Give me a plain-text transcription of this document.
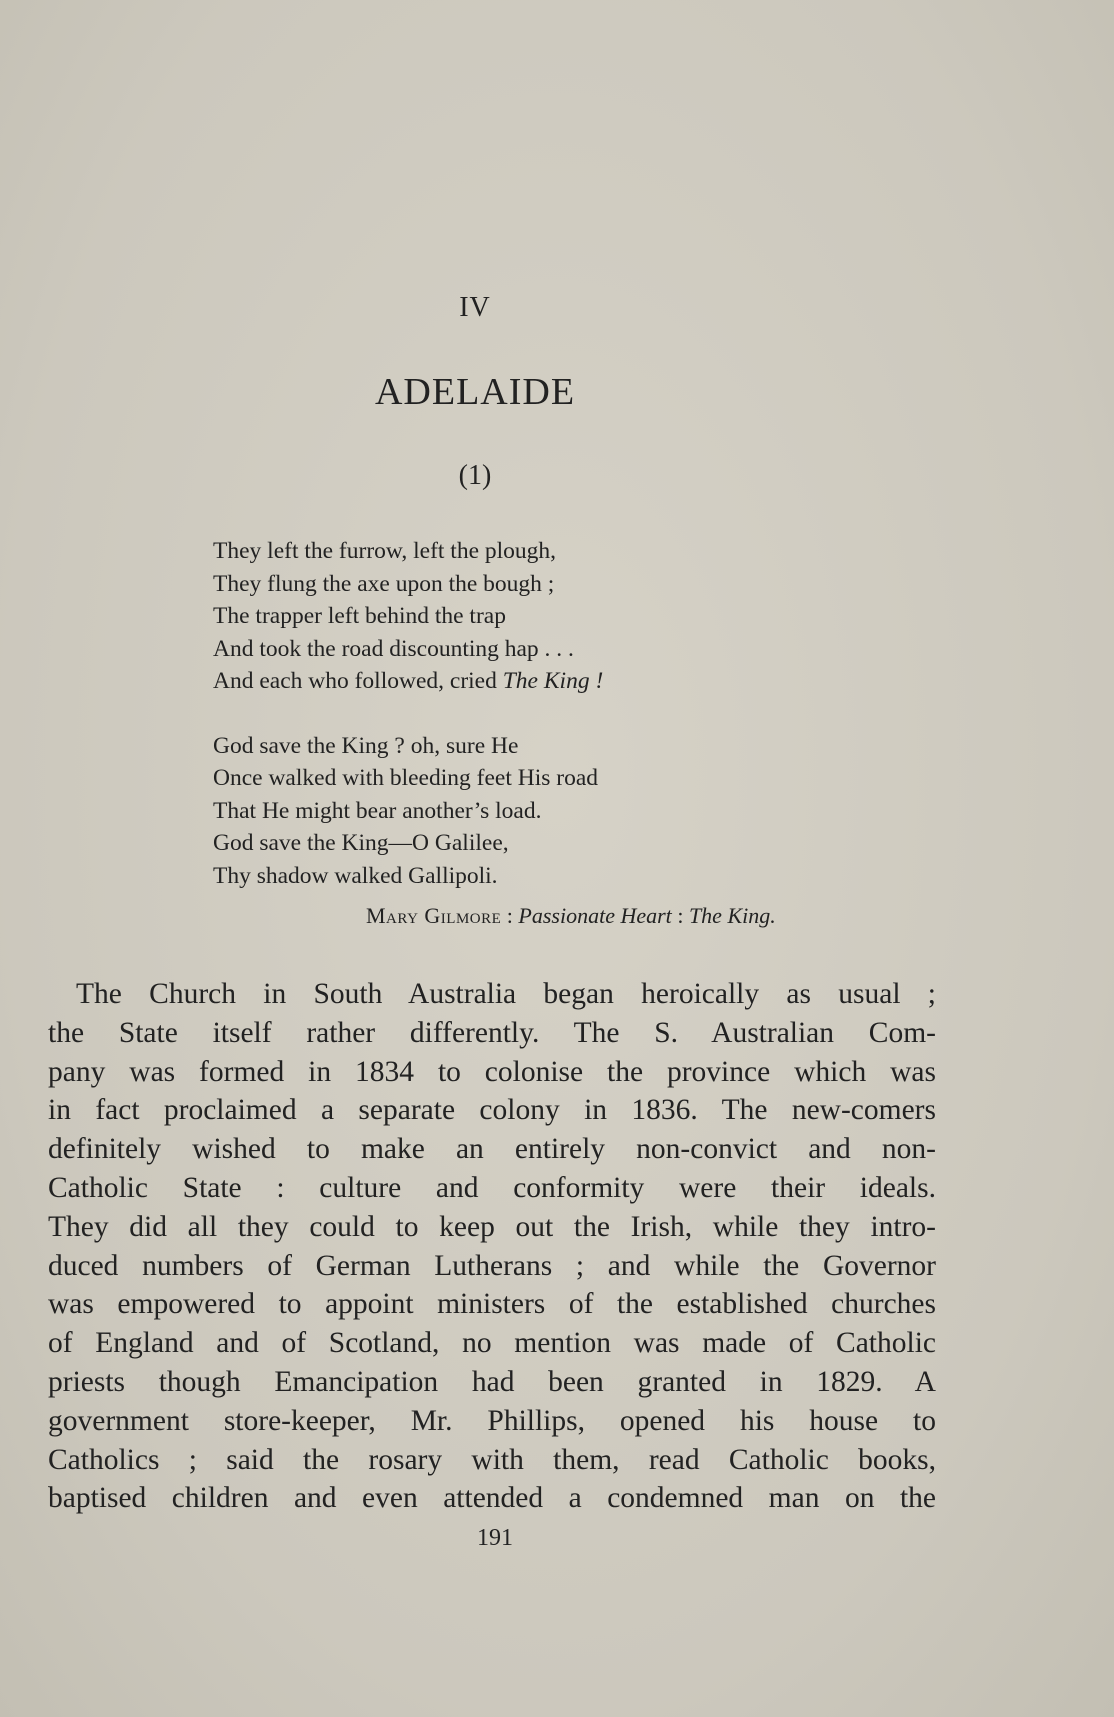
IV
ADELAIDE
(1)
They left the furrow, left the plough,
They flung the axe upon the bough ;
The trapper left behind the trap
And took the road discounting hap . . .
And each who followed, cried The King !
God save the King ? oh, sure He
Once walked with bleeding feet His road
That He might bear another’s load.
God save the King—O Galilee,
Thy shadow walked Gallipoli.
Mary Gilmore : Passionate Heart : The King.
The Church in South Australia began heroically as usual ;
the State itself rather differently. The S. Australian Com-
pany was formed in 1834 to colonise the province which was
in fact proclaimed a separate colony in 1836. The new-comers
definitely wished to make an entirely non-convict and non-
Catholic State : culture and conformity were their ideals.
They did all they could to keep out the Irish, while they intro-
duced numbers of German Lutherans ; and while the Governor
was empowered to appoint ministers of the established churches
of England and of Scotland, no mention was made of Catholic
priests though Emancipation had been granted in 1829. A
government store-keeper, Mr. Phillips, opened his house to
Catholics ; said the rosary with them, read Catholic books,
baptised children and even attended a condemned man on the
191
